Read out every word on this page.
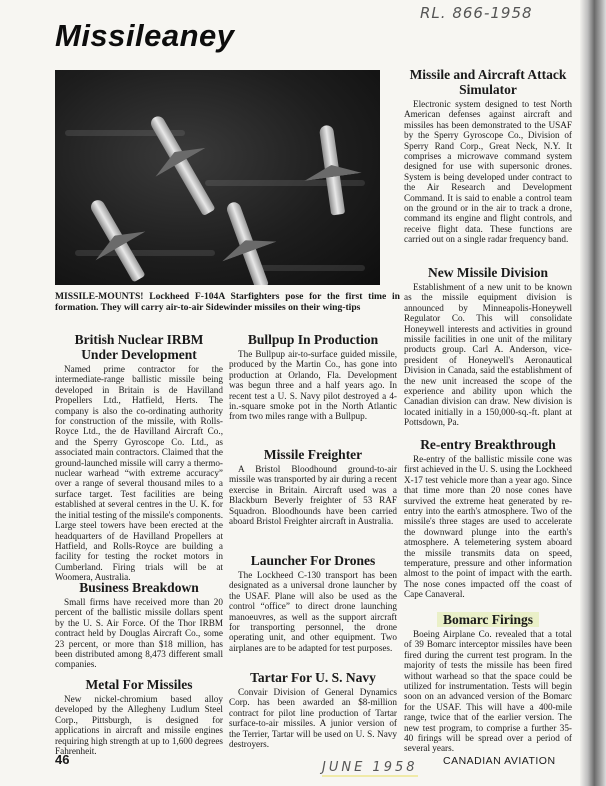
RL. 866-1958
Missileaney
MISSILE-MOUNTS! Lockheed F-104A Starfighters pose for the first time in formation. They will carry air-to-air Sidewinder missiles on their wing-tips
British Nuclear IRBM Under Development

Named prime contractor for the intermediate-range ballistic missile being developed in Britain is de Havilland Propellers Ltd., Hatfield, Herts. The company is also the co-ordinating authority for construction of the missile, with Rolls-Royce Ltd., the de Havilland Aircraft Co., and the Sperry Gyroscope Co. Ltd., as associated main contractors. Claimed that the ground-launched missile will carry a thermo-nuclear warhead “with extreme accuracy” over a range of several thousand miles to a surface target. Test facilities are being established at several centres in the U. K. for the initial testing of the missile's components. Large steel towers have been erected at the headquarters of de Havilland Propellers at Hatfield, and Rolls-Royce are building a facility for testing the rocket motors in Cumberland. Firing trials will be at Woomera, Australia.

Business Breakdown

Small firms have received more than 20 percent of the ballistic missile dollars spent by the U. S. Air Force. Of the Thor IRBM contract held by Douglas Aircraft Co., some 23 percent, or more than $18 million, has been distributed among 8,473 different small companies.

Metal For Missiles

New nickel-chromium based alloy developed by the Allegheny Ludlum Steel Corp., Pittsburgh, is designed for applications in aircraft and missile engines requiring high strength at up to 1,600 degrees Fahrenheit.

Bullpup In Production

The Bullpup air-to-surface guided missile, produced by the Martin Co., has gone into production at Orlando, Fla. Development was begun three and a half years ago. In recent test a U. S. Navy pilot destroyed a 4-in.-square smoke pot in the North Atlantic from two miles range with a Bullpup.

Missile Freighter

A Bristol Bloodhound ground-to-air missile was transported by air during a recent exercise in Britain. Aircraft used was a Blackburn Beverly freighter of 53 RAF Squadron. Bloodhounds have been carried aboard Bristol Freighter aircraft in Australia.

Launcher For Drones

The Lockheed C-130 transport has been designated as a universal drone launcher by the USAF. Plane will also be used as the control “office” to direct drone launching manoeuvres, as well as the support aircraft for transporting personnel, the drone operating unit, and other equipment. Two airplanes are to be adapted for test purposes.

Tartar For U. S. Navy

Convair Division of General Dynamics Corp. has been awarded an $8-million contract for pilot line production of Tartar surface-to-air missiles. A junior version of the Terrier, Tartar will be used on U. S. Navy destroyers.

Missile and Aircraft Attack Simulator

Electronic system designed to test North American defenses against aircraft and missiles has been demonstrated to the USAF by the Sperry Gyroscope Co., Division of Sperry Rand Corp., Great Neck, N.Y. It comprises a microwave command system designed for use with supersonic drones. System is being developed under contract to the Air Research and Development Command. It is said to enable a control team on the ground or in the air to track a drone, command its engine and flight controls, and receive flight data. These functions are carried out on a single radar frequency band.

New Missile Division

Establishment of a new unit to be known as the missile equipment division is announced by Minneapolis-Honeywell Regulator Co. This will consolidate Honeywell interests and activities in ground missile facilities in one unit of the military products group. Carl A. Anderson, vice-president of Honeywell's Aeronautical Division in Canada, said the establishment of the new unit increased the scope of the experience and ability upon which the Canadian division can draw. New division is located initially in a 150,000-sq.-ft. plant at Pottsdown, Pa.

Re-entry Breakthrough

Re-entry of the ballistic missile cone was first achieved in the U. S. using the Lockheed X-17 test vehicle more than a year ago. Since that time more than 20 nose cones have survived the extreme heat generated by re-entry into the earth's atmosphere. Two of the missile's three stages are used to accelerate the downward plunge into the earth's atmosphere. A telemetering system aboard the missile transmits data on speed, temperature, pressure and other information almost to the point of impact with the earth. The nose cones impacted off the coast of Cape Canaveral.

Bomarc Firings

Boeing Airplane Co. revealed that a total of 39 Bomarc interceptor missiles have been fired during the current test program. In the majority of tests the missile has been fired without warhead so that the space could be utilized for instrumentation. Tests will begin soon on an advanced version of the Bomarc for the USAF. This will have a 400-mile range, twice that of the earlier version. The new test program, to comprise a further 35-40 firings will be spread over a period of several years.

46
JUNE 1958 CANADIAN AVIATION
